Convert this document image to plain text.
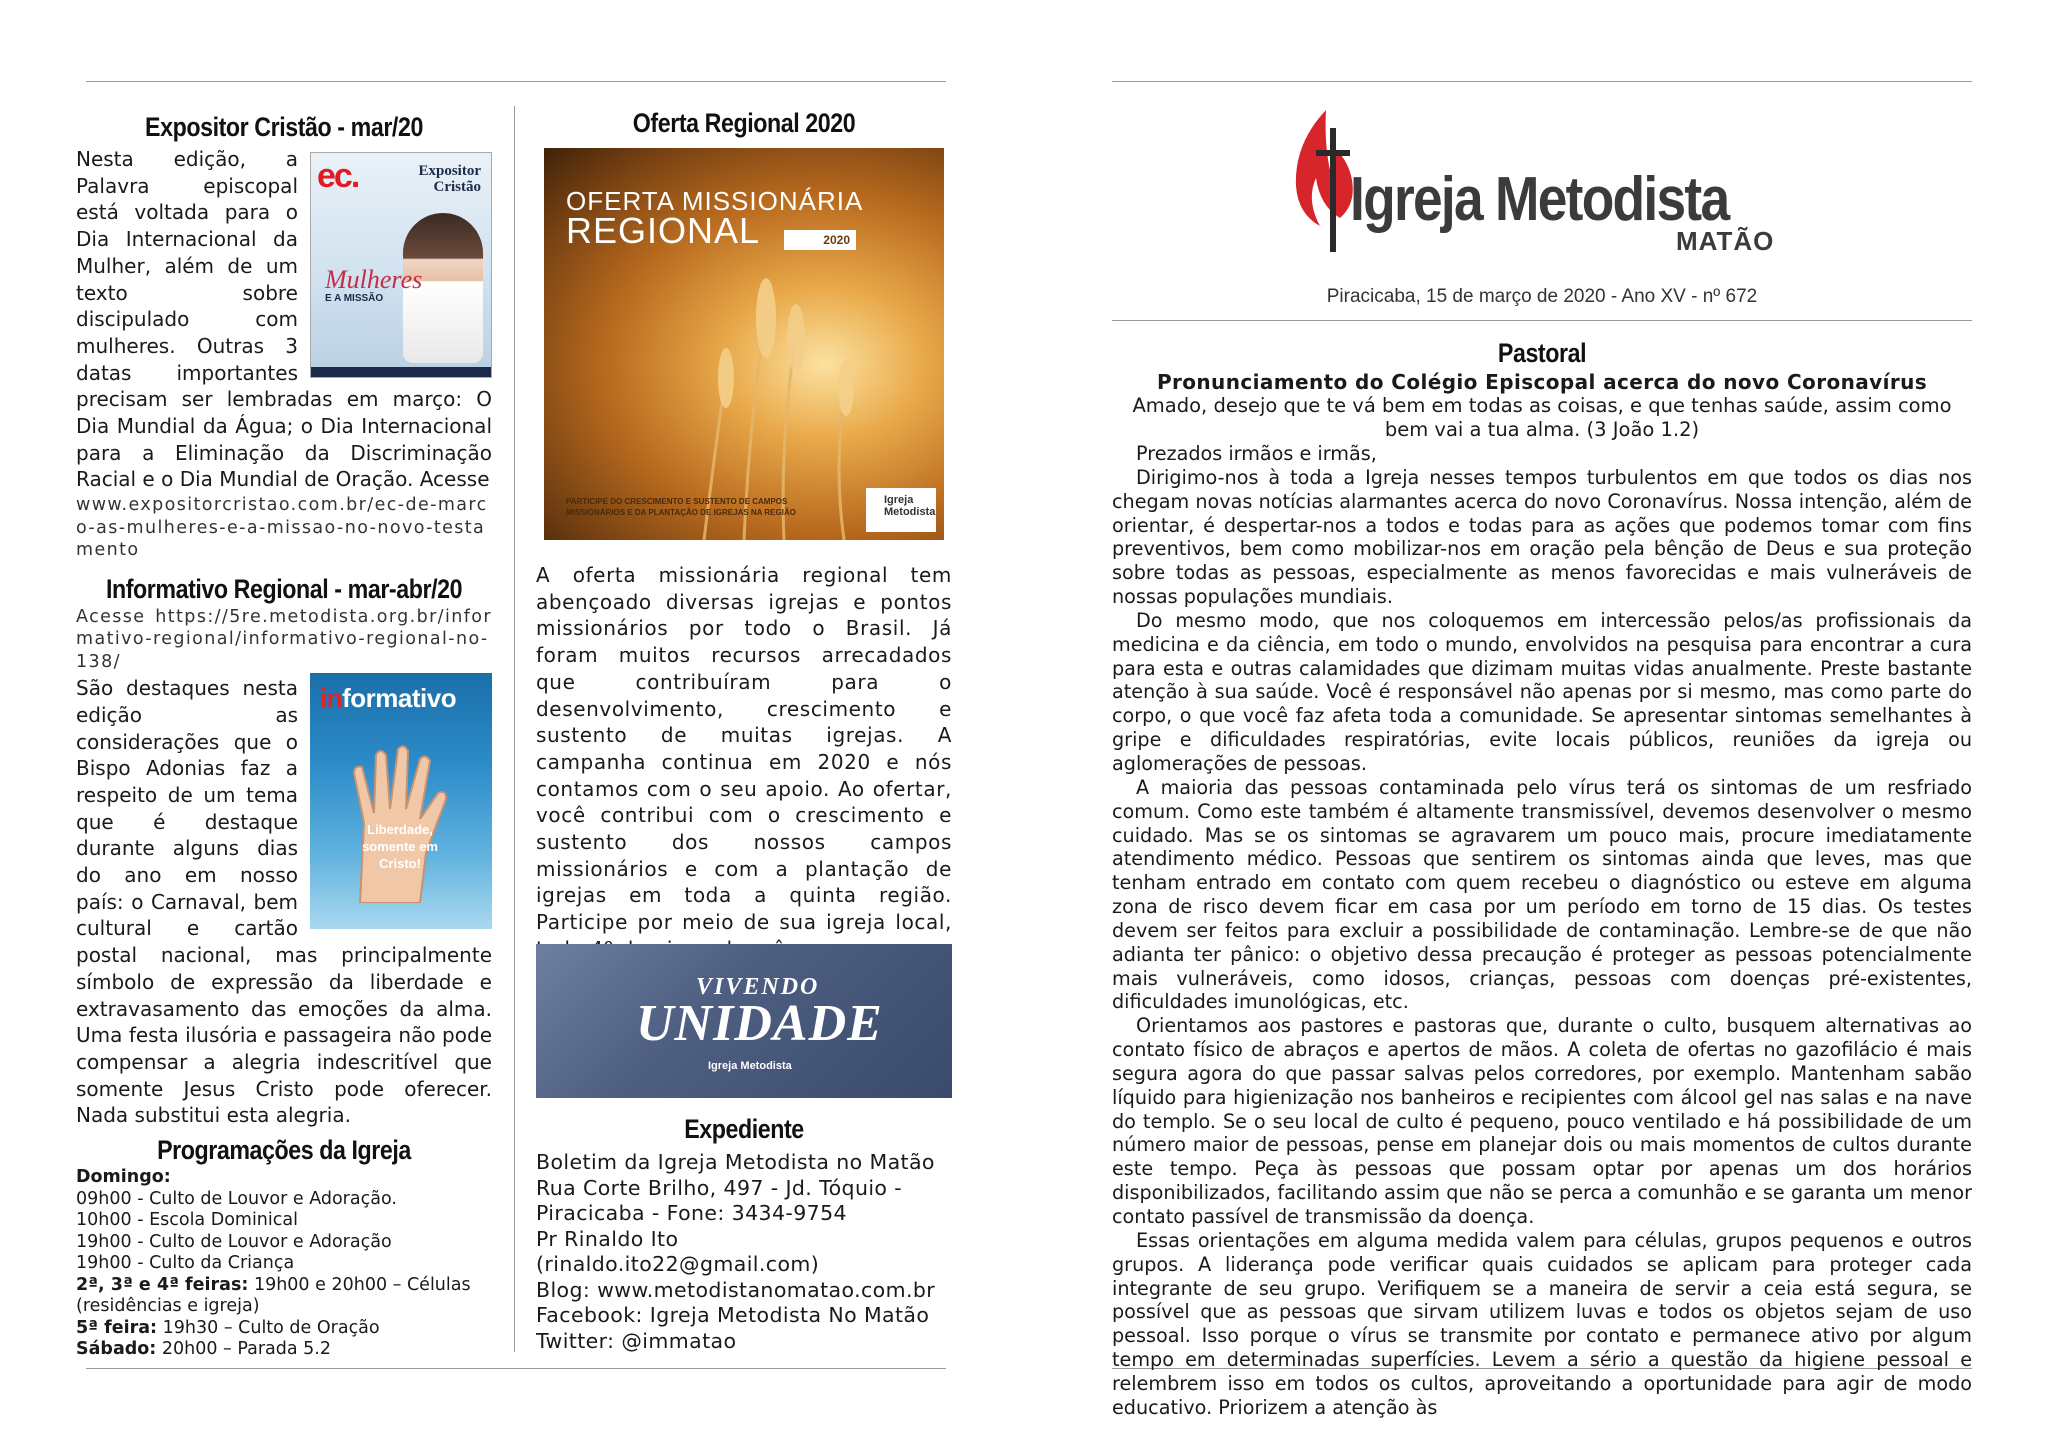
Expositor Cristão - mar/20
ec.	Expositor Cristão
Mulheres
E A MISSÃO
Nesta edição, a Palavra episcopal está voltada para o Dia Internacional da Mulher, além de um texto sobre discipulado com mulheres. Outras 3 datas importantes precisam ser lembradas em março: O Dia Mundial da Água; o Dia Internacional para a Eliminação da Discriminação Racial e o Dia Mundial de Oração. Acesse
www.expositorcristao.com.br/ec-de-marco-as-mulheres-e-a-missao-no-novo-testamento
Informativo Regional - mar-abr/20
Acesse https://5re.metodista.org.br/informativo-regional/informativo-regional-no-138/
informativo
Liberdade, somente em Cristo!
São destaques nesta edição as considerações que o Bispo Adonias faz a respeito de um tema que é destaque durante alguns dias do ano em nosso país: o Carnaval, bem cultural e cartão postal nacional, mas principalmente símbolo de expressão da liberdade e extravasamento das emoções da alma. Uma festa ilusória e passageira não pode compensar a alegria indescritível que somente Jesus Cristo pode oferecer. Nada substitui esta alegria.
Programações da Igreja
Domingo:
09h00 - Culto de Louvor e Adoração.
10h00 - Escola Dominical
19h00 - Culto de Louvor e Adoração
19h00 - Culto da Criança
2ª, 3ª e 4ª feiras: 19h00 e 20h00 – Células (residências e igreja)
5ª feira: 19h30 – Culto de Oração
Sábado: 20h00 – Parada 5.2
Oferta Regional 2020
OFERTA MISSIONÁRIA
REGIONAL	2020
PARTICIPE DO CRESCIMENTO E SUSTENTO DE CAMPOS MISSIONÁRIOS E DA PLANTAÇÃO DE IGREJAS NA REGIÃO
Igreja Metodista
A oferta missionária regional tem abençoado diversas igrejas e pontos missionários por todo o Brasil. Já foram muitos recursos arrecadados que contribuíram para o desenvolvimento, crescimento e sustento de muitas igrejas. A campanha continua em 2020 e nós contamos com o seu apoio. Ao ofertar, você contribui com o crescimento e sustento dos nossos campos missionários e com a plantação de igrejas em toda a quinta região. Participe por meio de sua igreja local,
VIVENDO
UNIDADE
Igreja Metodista
Expediente
Boletim da Igreja Metodista no Matão
Rua Corte Brilho, 497 - Jd. Tóquio -
Piracicaba - Fone: 3434-9754
Pr Rinaldo Ito
(rinaldo.ito22@gmail.com)
Blog: www.metodistanomatao.com.br
Facebook: Igreja Metodista No Matão
Twitter: @immatao
Igreja Metodista
MATÃO
Piracicaba, 15 de março de 2020 - Ano XV - nº 672
Pastoral
Pronunciamento do Colégio Episcopal acerca do novo Coronavírus
Amado, desejo que te vá bem em todas as coisas, e que tenhas saúde, assim como bem vai a tua alma. (3 João 1.2)

Prezados irmãos e irmãs,

Dirigimo-nos à toda a Igreja nesses tempos turbulentos em que todos os dias nos chegam novas notícias alarmantes acerca do novo Coronavírus. Nossa intenção, além de orientar, é despertar-nos a todos e todas para as ações que podemos tomar com fins preventivos, bem como mobilizar-nos em oração pela bênção de Deus e sua proteção sobre todas as pessoas, especialmente as menos favorecidas e mais vulneráveis de nossas populações mundiais.

Do mesmo modo, que nos coloquemos em intercessão pelos/as profissionais da medicina e da ciência, em todo o mundo, envolvidos na pesquisa para encontrar a cura para esta e outras calamidades que dizimam muitas vidas anualmente. Preste bastante atenção à sua saúde. Você é responsável não apenas por si mesmo, mas como parte do corpo, o que você faz afeta toda a comunidade. Se apresentar sintomas semelhantes à gripe e dificuldades respiratórias, evite locais públicos, reuniões da igreja ou aglomerações de pessoas.

A maioria das pessoas contaminada pelo vírus terá os sintomas de um resfriado comum. Como este também é altamente transmissível, devemos desenvolver o mesmo cuidado. Mas se os sintomas se agravarem um pouco mais, procure imediatamente atendimento médico. Pessoas que sentirem os sintomas ainda que leves, mas que tenham entrado em contato com quem recebeu o diagnóstico ou esteve em alguma zona de risco devem ficar em casa por um período em torno de 15 dias. Os testes devem ser feitos para excluir a possibilidade de contaminação. Lembre-se de que não adianta ter pânico: o objetivo dessa precaução é proteger as pessoas potencialmente mais vulneráveis, como idosos, crianças, pessoas com doenças pré-existentes, dificuldades imunológicas, etc.

Orientamos aos pastores e pastoras que, durante o culto, busquem alternativas ao contato físico de abraços e apertos de mãos. A coleta de ofertas no gazofilácio é mais segura agora do que passar salvas pelos corredores, por exemplo. Mantenham sabão líquido para higienização nos banheiros e recipientes com álcool gel nas salas e na nave do templo. Se o seu local de culto é pequeno, pouco ventilado e há possibilidade de um número maior de pessoas, pense em planejar dois ou mais momentos de cultos durante este tempo. Peça às pessoas que possam optar por apenas um dos horários disponibilizados, facilitando assim que não se perca a comunhão e se garanta um menor contato passível de transmissão da doença.

Essas orientações em alguma medida valem para células, grupos pequenos e outros grupos. A liderança pode verificar quais cuidados se aplicam para proteger cada integrante de seu grupo. Verifiquem se a maneira de servir a ceia está segura, se possível que as pessoas que sirvam utilizem luvas e todos os objetos sejam de uso pessoal. Isso porque o vírus se transmite por contato e permanece ativo por algum tempo em determinadas superfícies. Levem a sério a questão da higiene pessoal e relembrem isso em todos os cultos, aproveitando a oportunidade para agir de modo educativo. Priorizem a atenção às
